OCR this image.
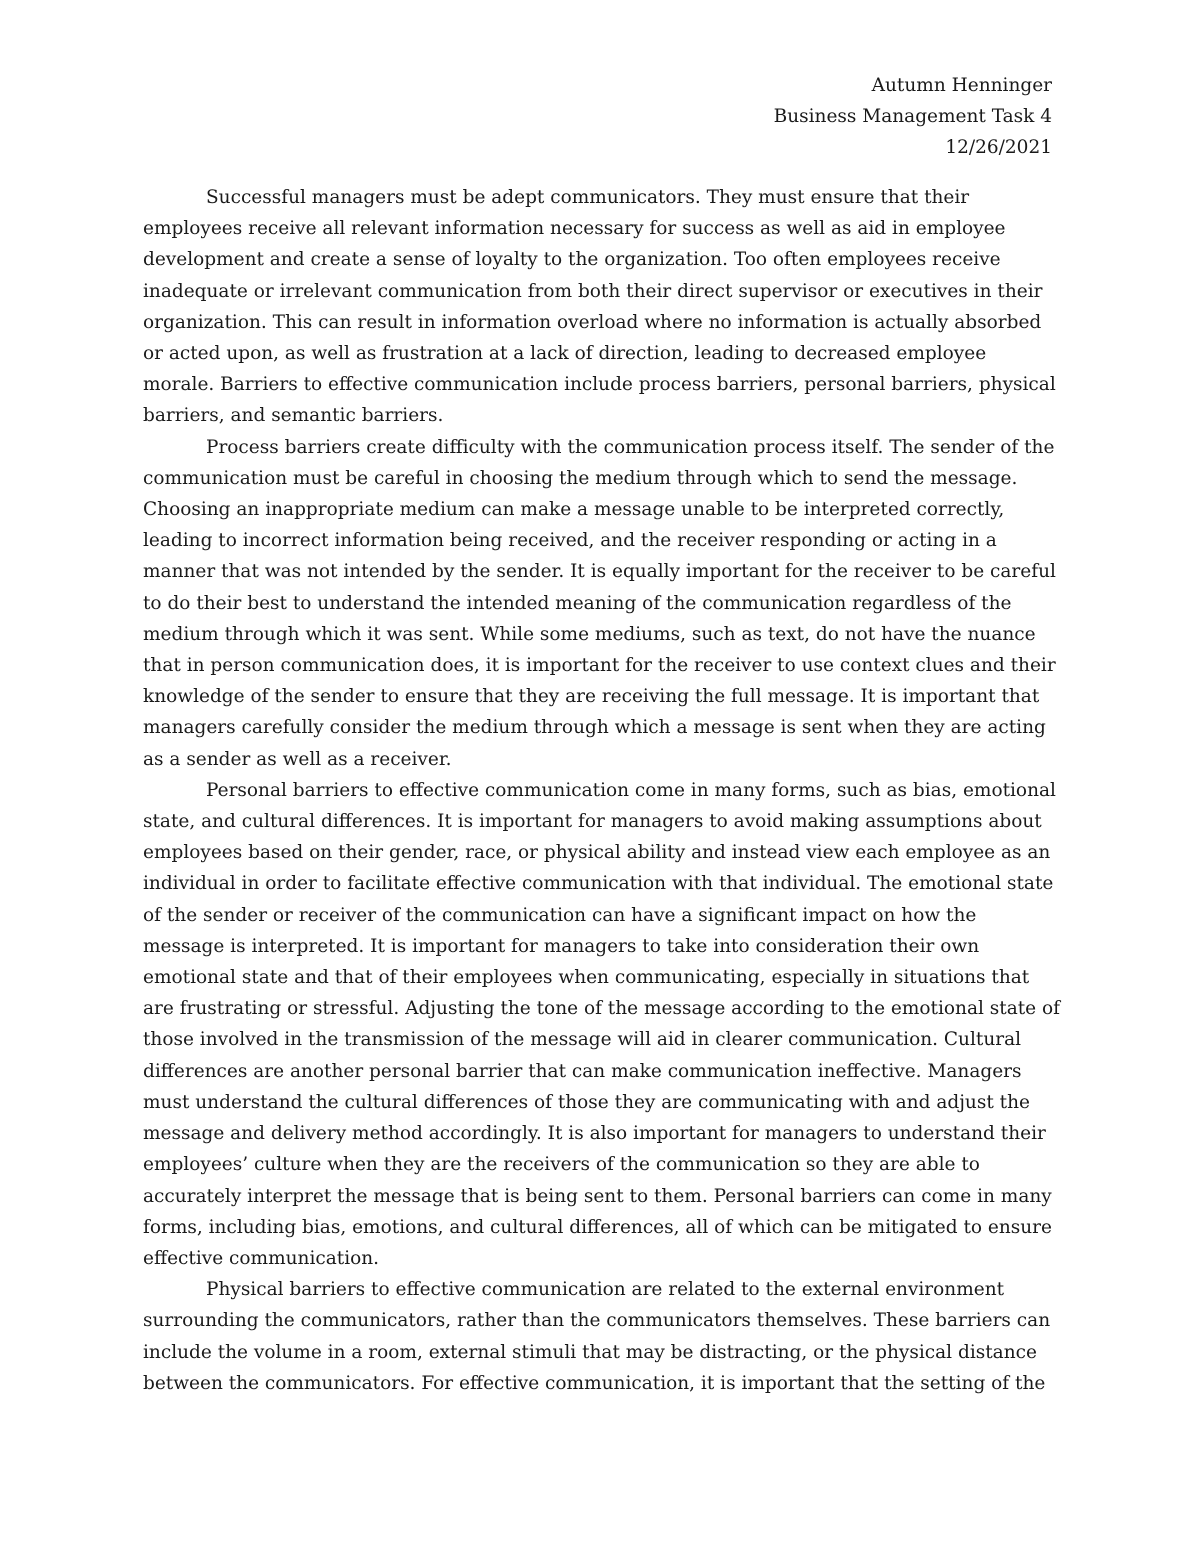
Autumn Henninger
Business Management Task 4
12/26/2021

Successful managers must be adept communicators. They must ensure that their employees receive all relevant information necessary for success as well as aid in employee development and create a sense of loyalty to the organization. Too often employees receive inadequate or irrelevant communication from both their direct supervisor or executives in their organization. This can result in information overload where no information is actually absorbed or acted upon, as well as frustration at a lack of direction, leading to decreased employee morale. Barriers to effective communication include process barriers, personal barriers, physical barriers, and semantic barriers.

Process barriers create difficulty with the communication process itself. The sender of the communication must be careful in choosing the medium through which to send the message. Choosing an inappropriate medium can make a message unable to be interpreted correctly, leading to incorrect information being received, and the receiver responding or acting in a manner that was not intended by the sender. It is equally important for the receiver to be careful to do their best to understand the intended meaning of the communication regardless of the medium through which it was sent. While some mediums, such as text, do not have the nuance that in person communication does, it is important for the receiver to use context clues and their knowledge of the sender to ensure that they are receiving the full message. It is important that managers carefully consider the medium through which a message is sent when they are acting as a sender as well as a receiver.

Personal barriers to effective communication come in many forms, such as bias, emotional state, and cultural differences. It is important for managers to avoid making assumptions about employees based on their gender, race, or physical ability and instead view each employee as an individual in order to facilitate effective communication with that individual. The emotional state of the sender or receiver of the communication can have a significant impact on how the message is interpreted. It is important for managers to take into consideration their own emotional state and that of their employees when communicating, especially in situations that are frustrating or stressful. Adjusting the tone of the message according to the emotional state of those involved in the transmission of the message will aid in clearer communication. Cultural differences are another personal barrier that can make communication ineffective. Managers must understand the cultural differences of those they are communicating with and adjust the message and delivery method accordingly. It is also important for managers to understand their employees’ culture when they are the receivers of the communication so they are able to accurately interpret the message that is being sent to them. Personal barriers can come in many forms, including bias, emotions, and cultural differences, all of which can be mitigated to ensure effective communication.

Physical barriers to effective communication are related to the external environment surrounding the communicators, rather than the communicators themselves. These barriers can include the volume in a room, external stimuli that may be distracting, or the physical distance between the communicators. For effective communication, it is important that the setting of the
